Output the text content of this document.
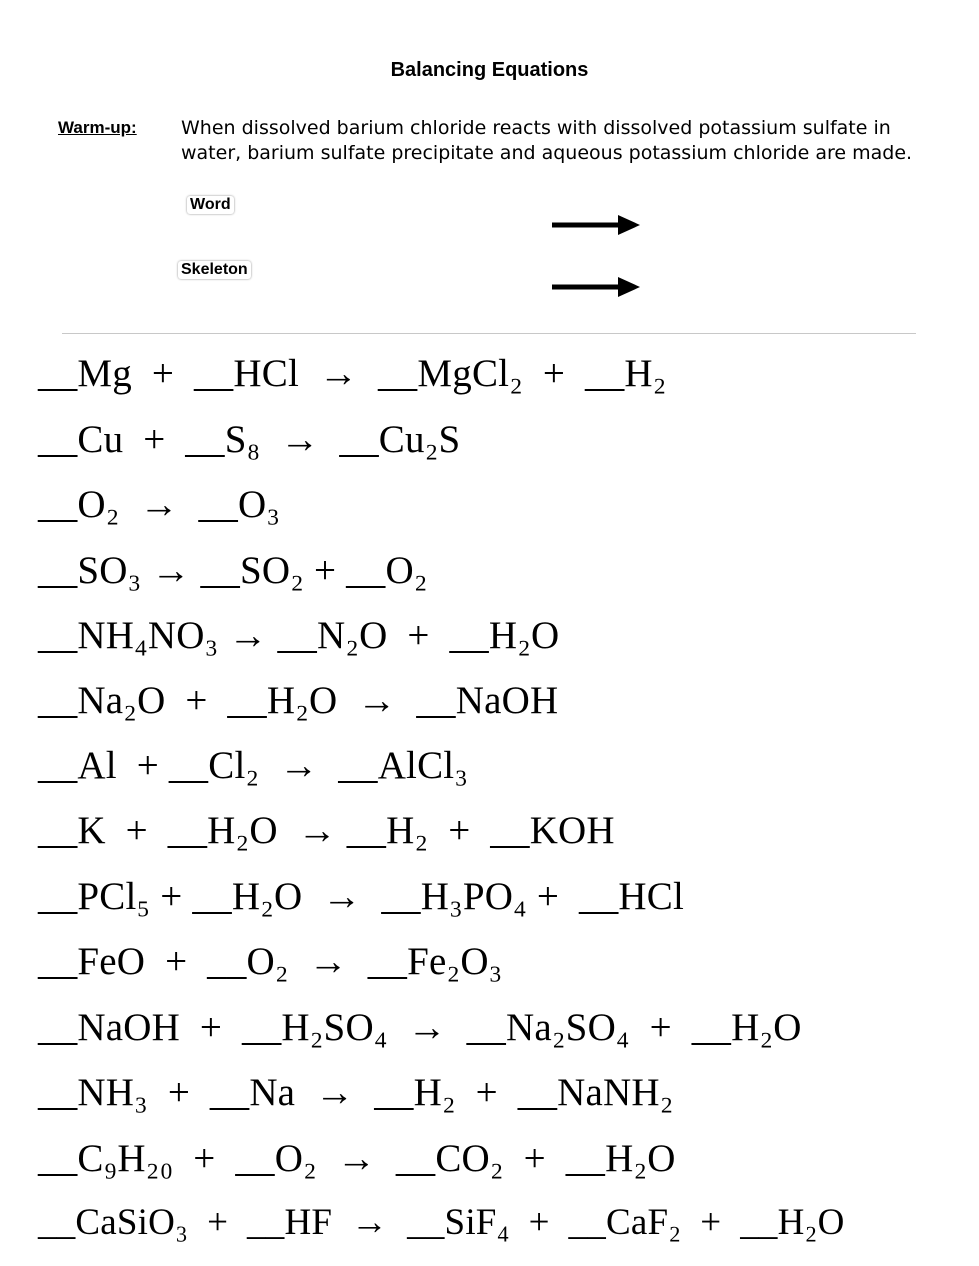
Balancing Equations
Warm-up: When dissolved barium chloride reacts with dissolved potassium sulfate in water, barium sulfate precipitate and aqueous potassium chloride are made.
Word
Skeleton
__Mg  +  __HCl  →  __MgCl₂  +  __H₂
__Cu  +  __S₈  →  __Cu₂S
__O₂  →  __O₃
__SO₃ → __SO₂ + __O₂
__NH₄NO₃ → __N₂O  +  __H₂O
__Na₂O  +  __H₂O  →  __NaOH
__Al  + __Cl₂  →  __AlCl₃
__K  +  __H₂O  → __H₂  +  __KOH
__PCl₅ + __H₂O  →  __H₃PO₄ +  __HCl
__FeO  +  __O₂  →  __Fe₂O₃
__NaOH  +  __H₂SO₄  →  __Na₂SO₄  +  __H₂O
__NH₃  +  __Na  →  __H₂  +  __NaNH₂
__C₉H₂₀  +  __O₂  →  __CO₂  +  __H₂O
__CaSiO₃  +  __HF  →  __SiF₄  +  __CaF₂  +  __H₂O
